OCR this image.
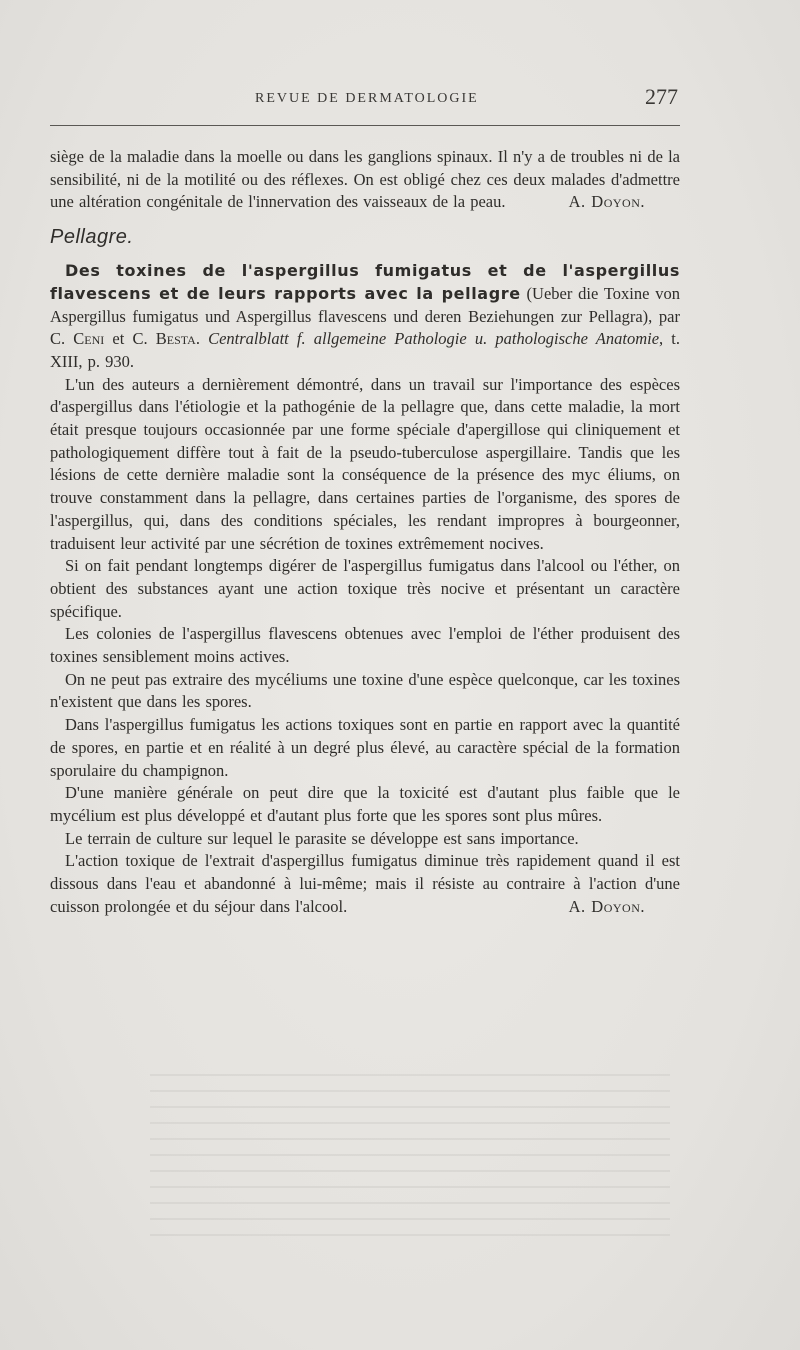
REVUE DE DERMATOLOGIE	277

siège de la maladie dans la moelle ou dans les ganglions spinaux. Il n'y a de troubles ni de la sensibilité, ni de la motilité ou des réflexes. On est obligé chez ces deux malades d'admettre une altération congénitale de l'innervation des vaisseaux de la peau.	A. Doyon.

Pellagre.

Des toxines de l'aspergillus fumigatus et de l'aspergillus flavescens et de leurs rapports avec la pellagre (Ueber die Toxine von Aspergillus fumigatus und Aspergillus flavescens und deren Beziehungen zur Pellagra), par C. Ceni et C. Besta. Centralblatt f. allgemeine Pathologie u. pathologische Anatomie, t. XIII, p. 930.

L'un des auteurs a dernièrement démontré, dans un travail sur l'importance des espèces d'aspergillus dans l'étiologie et la pathogénie de la pellagre que, dans cette maladie, la mort était presque toujours occasionnée par une forme spéciale d'apergillose qui cliniquement et pathologiquement diffère tout à fait de la pseudo-tuberculose aspergillaire. Tandis que les lésions de cette dernière maladie sont la conséquence de la présence des myc éliums, on trouve constamment dans la pellagre, dans certaines parties de l'organisme, des spores de l'aspergillus, qui, dans des conditions spéciales, les rendant impropres à bourgeonner, traduisent leur activité par une sécrétion de toxines extrêmement nocives.

Si on fait pendant longtemps digérer de l'aspergillus fumigatus dans l'alcool ou l'éther, on obtient des substances ayant une action toxique très nocive et présentant un caractère spécifique.

Les colonies de l'aspergillus flavescens obtenues avec l'emploi de l'éther produisent des toxines sensiblement moins actives.

On ne peut pas extraire des mycéliums une toxine d'une espèce quelconque, car les toxines n'existent que dans les spores.

Dans l'aspergillus fumigatus les actions toxiques sont en partie en rapport avec la quantité de spores, en partie et en réalité à un degré plus élevé, au caractère spécial de la formation sporulaire du champignon.

D'une manière générale on peut dire que la toxicité est d'autant plus faible que le mycélium est plus développé et d'autant plus forte que les spores sont plus mûres.

Le terrain de culture sur lequel le parasite se développe est sans importance.

L'action toxique de l'extrait d'aspergillus fumigatus diminue très rapidement quand il est dissous dans l'eau et abandonné à lui-même; mais il résiste au contraire à l'action d'une cuisson prolongée et du séjour dans l'alcool.	A. Doyon.
